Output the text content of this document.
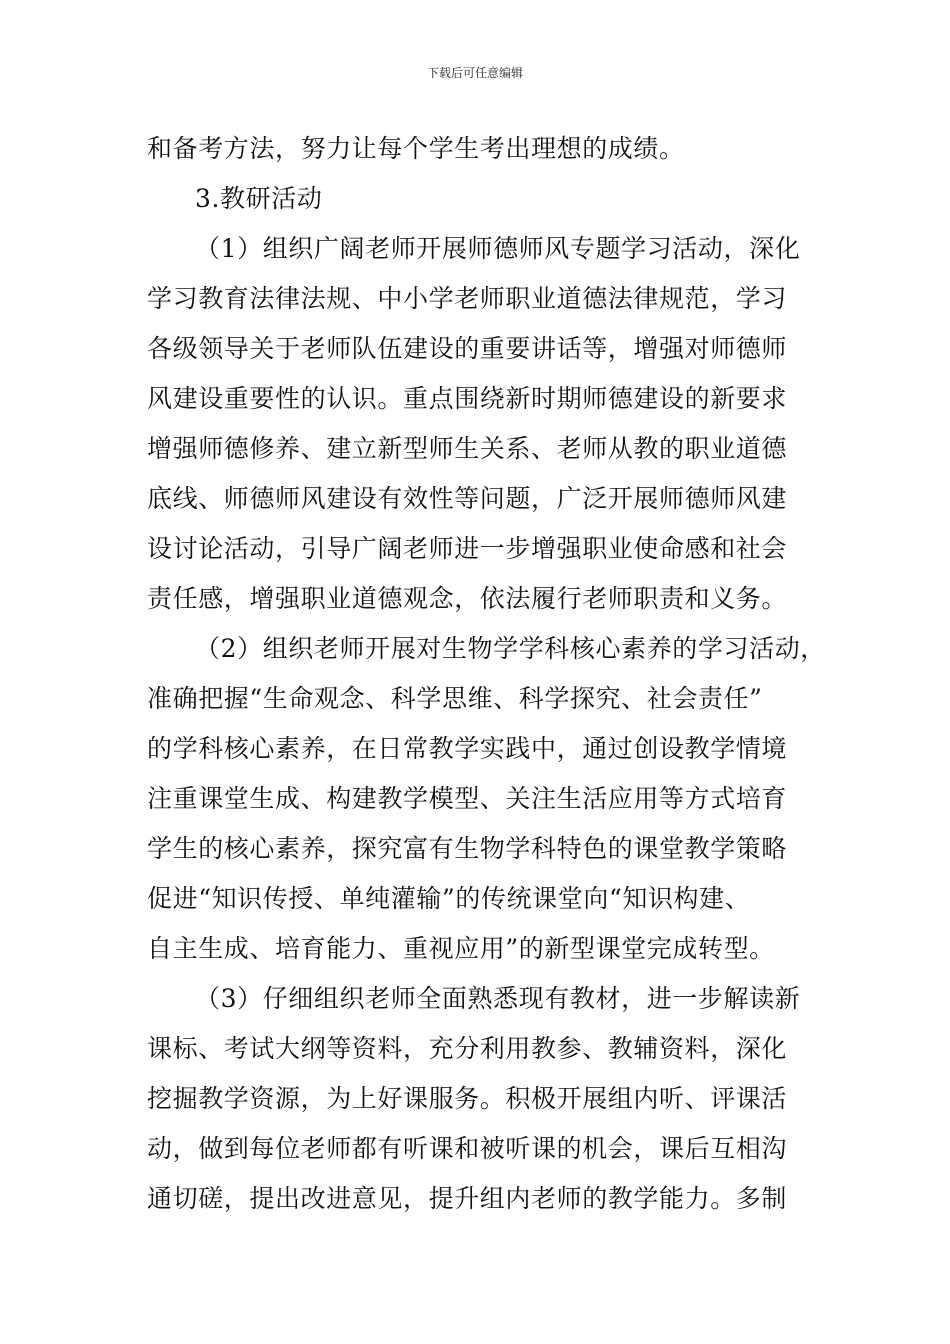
下载后可任意编辑
和备考方法，努力让每个学生考出理想的成绩。
3.教研活动
（1）组织广阔老师开展师德师风专题学习活动，深化
学习教育法律法规、中小学老师职业道德法律规范，学习
各级领导关于老师队伍建设的重要讲话等，增强对师德师
风建设重要性的认识。重点围绕新时期师德建设的新要求
增强师德修养、建立新型师生关系、老师从教的职业道德
底线、师德师风建设有效性等问题，广泛开展师德师风建
设讨论活动，引导广阔老师进一步增强职业使命感和社会
责任感，增强职业道德观念，依法履行老师职责和义务。
（2）组织老师开展对生物学学科核心素养的学习活动，
准确把握“生命观念、科学思维、科学探究、社会责任”
的学科核心素养，在日常教学实践中，通过创设教学情境
注重课堂生成、构建教学模型、关注生活应用等方式培育
学生的核心素养，探究富有生物学科特色的课堂教学策略
促进“知识传授、单纯灌输”的传统课堂向“知识构建、
自主生成、培育能力、重视应用”的新型课堂完成转型。
（3）仔细组织老师全面熟悉现有教材，进一步解读新
课标、考试大纲等资料，充分利用教参、教辅资料，深化
挖掘教学资源，为上好课服务。积极开展组内听、评课活
动，做到每位老师都有听课和被听课的机会，课后互相沟
通切磋，提出改进意见，提升组内老师的教学能力。多制
